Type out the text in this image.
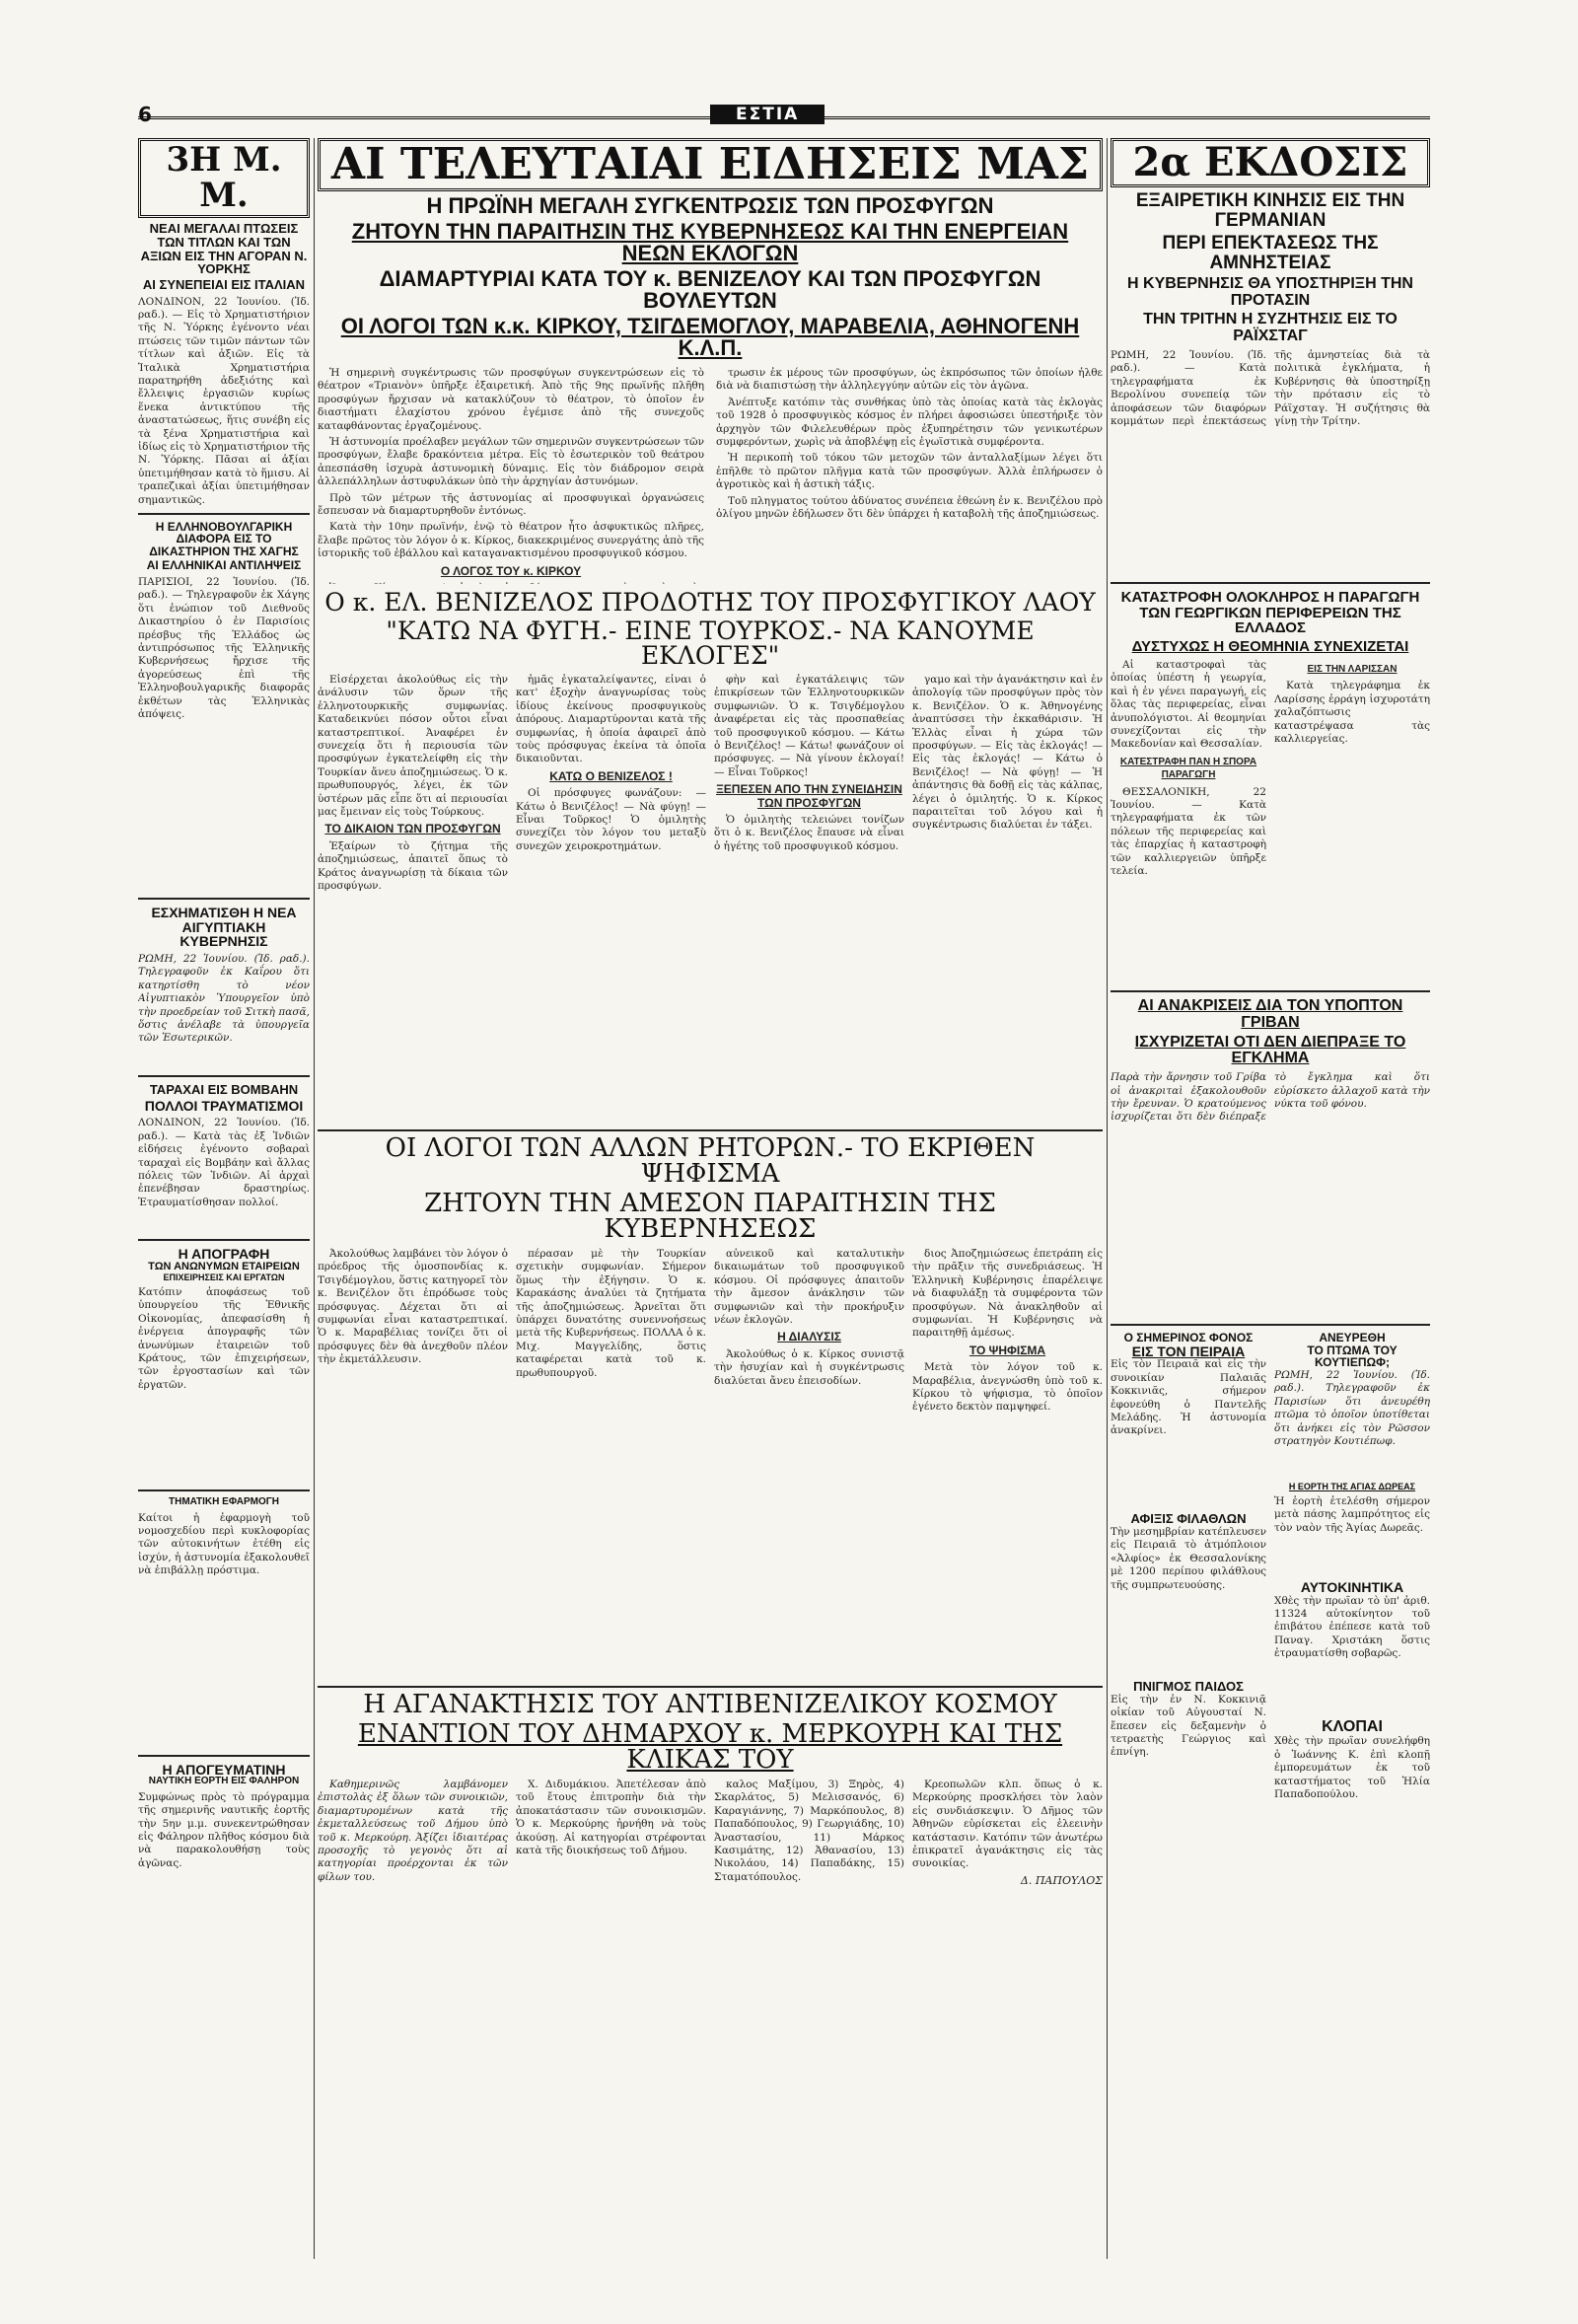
6	ΕΣΤΙΑ
3Η Μ. Μ.
ΝΕΑΙ ΜΕΓΑΛΑΙ ΠΤΩΣΕΙΣ ΤΩΝ ΤΙΤΛΩΝ ΚΑΙ ΤΩΝ ΑΞΙΩΝ ΕΙΣ ΤΗΝ ΑΓΟΡΑΝ Ν. ΥΟΡΚΗΣ
ΑΙ ΣΥΝΕΠΕΙΑΙ ΕΙΣ ΙΤΑΛΙΑΝ
ΛΟΝΔΙΝΟΝ, 22 Ἰουνίου. (Ἰδ. ραδ.). — Εἰς τὸ Χρηματιστήριον τῆς Ν. Ὑόρκης ἐγένοντο νέαι πτώσεις τῶν τιμῶν πάντων τῶν τίτλων καὶ ἀξιῶν. Εἰς τὰ Ἰταλικὰ Χρηματιστήρια παρατηρήθη ἀδεξιότης καὶ ἔλλειψις ἐργασιῶν κυρίως ἕνεκα ἀντικτύπου τῆς ἀναστατώσεως, ἥτις συνέβη εἰς τὰ ξένα Χρηματιστήρια καὶ ἰδίως εἰς τὸ Χρηματιστήριον τῆς Ν. Ὑόρκης. Πᾶσαι αἱ ἀξίαι ὑπετιμήθησαν κατὰ τὸ ἥμισυ. Αἱ τραπεζικαὶ ἀξίαι ὑπετιμήθησαν σημαντικῶς.
Η ΕΛΛΗΝΟΒΟΥΛΓΑΡΙΚΗ ΔΙΑΦΟΡΑ ΕΙΣ ΤΟ ΔΙΚΑΣΤΗΡΙΟΝ ΤΗΣ ΧΑΓΗΣ
ΑΙ ΕΛΛΗΝΙΚΑΙ ΑΝΤΙΛΗΨΕΙΣ
ΠΑΡΙΣΙΟΙ, 22 Ἰουνίου. (Ἰδ. ραδ.). — Τηλεγραφοῦν ἐκ Χάγης ὅτι ἐνώπιον τοῦ Διεθνοῦς Δικαστηρίου ὁ ἐν Παρισίοις πρέσβυς τῆς Ἑλλάδος ὡς ἀντιπρόσωπος τῆς Ἑλληνικῆς Κυβερνήσεως ἤρχισε τῆς ἀγορεύσεως ἐπὶ τῆς Ἑλληνοβουλγαρικῆς διαφορᾶς ἐκθέτων τὰς Ἑλληνικὰς ἀπόψεις.
ΕΣΧΗΜΑΤΙΣΘΗ Η ΝΕΑ ΑΙΓΥΠΤΙΑΚΗ ΚΥΒΕΡΝΗΣΙΣ
ΡΩΜΗ, 22 Ἰουνίου. (Ἰδ. ραδ.). Τηλεγραφοῦν ἐκ Καΐρου ὅτι κατηρτίσθη τὸ νέον Αἰγυπτιακὸν Ὑπουργεῖον ὑπὸ τὴν προεδρείαν τοῦ Σιτκὴ πασᾶ, ὅστις ἀνέλαβε τὰ ὑπουργεῖα τῶν Ἐσωτερικῶν.
ΤΑΡΑΧΑΙ ΕΙΣ ΒΟΜΒΑΗΝ
ΠΟΛΛΟΙ ΤΡΑΥΜΑΤΙΣΜΟΙ
ΛΟΝΔΙΝΟΝ, 22 Ἰουνίου. (Ἰδ. ραδ.). — Κατὰ τὰς ἐξ Ἰνδιῶν εἰδήσεις ἐγένοντο σοβαραὶ ταραχαὶ εἰς Βομβάην καὶ ἄλλας πόλεις τῶν Ἰνδιῶν. Αἱ ἀρχαὶ ἐπενέβησαν δραστηρίως. Ἐτραυματίσθησαν πολλοί.
Η ΑΠΟΓΡΑΦΗ
ΤΩΝ ΑΝΩΝΥΜΩΝ ΕΤΑΙΡΕΙΩΝ
ΕΠΙΧΕΙΡΗΣΕΙΣ ΚΑΙ ΕΡΓΑΤΩΝ
Κατόπιν ἀποφάσεως τοῦ ὑπουργείου τῆς Ἐθνικῆς Οἰκονομίας, ἀπεφασίσθη ἡ ἐνέργεια ἀπογραφῆς τῶν ἀνωνύμων ἑταιρειῶν τοῦ Κράτους, τῶν ἐπιχειρήσεων, τῶν ἐργοστασίων καὶ τῶν ἐργατῶν.
ΤΗΜΑΤΙΚΗ ΕΦΑΡΜΟΓΗ
Καίτοι ἡ ἐφαρμογὴ τοῦ νομοσχεδίου περὶ κυκλοφορίας τῶν αὐτοκινήτων ἐτέθη εἰς ἰσχύν, ἡ ἀστυνομία ἐξακολουθεῖ νὰ ἐπιβάλλῃ πρόστιμα.
Η ΑΠΟΓΕΥΜΑΤΙΝΗ
ΝΑΥΤΙΚΗ ΕΟΡΤΗ ΕΙΣ ΦΑΛΗΡΟΝ
Συμφώνως πρὸς τὸ πρόγραμμα τῆς σημερινῆς ναυτικῆς ἑορτῆς τὴν 5ην μ.μ. συνεκεντρώθησαν εἰς Φάληρον πλῆθος κόσμου διὰ νὰ παρακολουθήσῃ τοὺς ἀγῶνας.
ΑΙ ΤΕΛΕΥΤΑΙΑΙ ΕΙΔΗΣΕΙΣ ΜΑΣ
Η ΠΡΩΪΝΗ ΜΕΓΑΛΗ ΣΥΓΚΕΝΤΡΩΣΙΣ ΤΩΝ ΠΡΟΣΦΥΓΩΝ
ΖΗΤΟΥΝ ΤΗΝ ΠΑΡΑΙΤΗΣΙΝ ΤΗΣ ΚΥΒΕΡΝΗΣΕΩΣ ΚΑΙ ΤΗΝ ΕΝΕΡΓΕΙΑΝ ΝΕΩΝ ΕΚΛΟΓΩΝ
ΔΙΑΜΑΡΤΥΡΙΑΙ ΚΑΤΑ ΤΟΥ κ. ΒΕΝΙΖΕΛΟΥ ΚΑΙ ΤΩΝ ΠΡΟΣΦΥΓΩΝ ΒΟΥΛΕΥΤΩΝ
ΟΙ ΛΟΓΟΙ ΤΩΝ κ.κ. ΚΙΡΚΟΥ, ΤΣΙΓΔΕΜΟΓΛΟΥ, ΜΑΡΑΒΕΛΙΑ, ΑΘΗΝΟΓΕΝΗ Κ.Λ.Π.

Ἡ σημερινὴ συγκέντρωσις τῶν προσφύγων συγκεντρώσεων εἰς τὸ θέατρον «Τριανὸν» ὑπῆρξε ἐξαιρετική. Ἀπὸ τῆς 9ης πρωϊνῆς πλῆθη προσφύγων ἤρχισαν νὰ κατακλύζουν τὸ θέατρον, τὸ ὁποῖον ἐν διαστήματι ἐλαχίστου χρόνου ἐγέμισε ἀπὸ τῆς συνεχοῦς καταφθάνοντας ἐργαζομένους.

Ἡ ἀστυνομία προέλαβεν μεγάλων τῶν σημερινῶν συγκεντρώσεων τῶν προσφύγων, ἔλαβε δρακόντεια μέτρα. Εἰς τὸ ἐσωτερικὸν τοῦ θεάτρου ἀπεσπάσθη ἰσχυρὰ ἀστυνομικὴ δύναμις. Εἰς τὸν διάδρομον σειρὰ ἀλλεπάλληλων ἀστυφυλάκων ὑπὸ τὴν ἀρχηγίαν ἀστυνόμων.

Πρὸ τῶν μέτρων τῆς ἀστυνομίας αἱ προσφυγικαὶ ὀργανώσεις ἔσπευσαν νὰ διαμαρτυρηθοῦν ἐντόνως.

Κατὰ τὴν 10ην πρωϊνήν, ἐνῷ τὸ θέατρον ἦτο ἀσφυκτικῶς πλῆρες, ἔλαβε πρῶτος τὸν λόγον ὁ κ. Κίρκος, διακεκριμένος συνεργάτης ἀπὸ τῆς ἱστορικῆς τοῦ ἐβάλλου καὶ καταγανακτισμένου προσφυγικοῦ κόσμου.

Ο ΛΟΓΟΣ ΤΟΥ κ. ΚΙΡΚΟΥ

τρωσιν ἐκ μέρους τῶν προσφύγων, ὡς ἐκπρόσωπος τῶν ὁποίων ἦλθε διὰ νὰ διαπιστώσῃ τὴν ἀλληλεγγύην αὐτῶν εἰς τὸν ἀγῶνα.

Ἀνέπτυξε κατόπιν τὰς συνθήκας ὑπὸ τὰς ὁποίας κατὰ τὰς ἐκλογὰς τοῦ 1928 ὁ προσφυγικὸς κόσμος ἐν πλήρει ἀφοσιώσει ὑπεστήριξε τὸν ἀρχηγὸν τῶν Φιλελευθέρων πρὸς ἐξυπηρέτησιν τῶν γενικωτέρων συμφερόντων, χωρὶς νὰ ἀποβλέψῃ εἰς ἐγωϊστικὰ συμφέροντα.

Ἡ περικοπὴ τοῦ τόκου τῶν μετοχῶν τῶν ἀνταλλαξίμων λέγει ὅτι ἐπῆλθε τὸ πρῶτον πλῆγμα κατὰ τῶν προσφύγων. Ἀλλὰ ἐπλήρωσεν ὁ ἀγροτικὸς καὶ ἡ ἀστικὴ τάξις.

Τοῦ πληγματος τούτου ἀδύνατος συνέπεια ἐθεώνη ἐν κ. Βενιζέλου πρὸ ὀλίγου μηνῶν ἐδήλωσεν ὅτι δὲν ὑπάρχει ἡ καταβολὴ τῆς ἀποζημιώσεως.

Ο κ. ΕΛ. ΒΕΝΙΖΕΛΟΣ ΠΡΟΔΟΤΗΣ ΤΟΥ ΠΡΟΣΦΥΓΙΚΟΥ ΛΑΟΥ
"ΚΑΤΩ ΝΑ ΦΥΓΗ.- ΕΙΝΕ ΤΟΥΡΚΟΣ.- ΝΑ ΚΑΝΟΥΜΕ ΕΚΛΟΓΕΣ"

Εἰσέρχεται ἀκολούθως εἰς τὴν ἀνάλυσιν τῶν ὅρων τῆς ἑλληνοτουρκικῆς συμφωνίας. Καταδεικνύει πόσον οὗτοι εἶναι καταστρεπτικοί. Ἀναφέρει ἐν συνεχείᾳ ὅτι ἡ περιουσία τῶν προσφύγων ἐγκατελείφθη εἰς τὴν Τουρκίαν ἄνευ ἀποζημιώσεως. Ὁ κ. πρωθυπουργός, λέγει, ἐκ τῶν ὑστέρων μᾶς εἶπε ὅτι αἱ περιουσίαι μας ἔμειναν εἰς τοὺς Τούρκους.

ΤΟ ΔΙΚΑΙΟΝ ΤΩΝ ΠΡΟΣΦΥΓΩΝ

Ἐξαίρων τὸ ζήτημα τῆς ἀποζημιώσεως, ἀπαιτεῖ ὅπως τὸ Κράτος ἀναγνωρίσῃ τὰ δίκαια τῶν προσφύγων.

ἡμᾶς ἐγκαταλείψαντες, εἶναι ὁ κατ' ἐξοχὴν ἀναγνωρίσας τοὺς ἰδίους ἐκείνους προσφυγικοὺς ἀπόρους. Διαμαρτύρονται κατὰ τῆς συμφωνίας, ἡ ὁποία ἀφαιρεῖ ἀπὸ τοὺς πρόσφυγας ἐκείνα τὰ ὁποῖα δικαιοῦνται.

ΚΑΤΩ Ο ΒΕΝΙΖΕΛΟΣ !

Οἱ πρόσφυγες φωνάζουν: — Κάτω ὁ Βενιζέλος! — Νὰ φύγῃ! — Εἶναι Τοῦρκος! Ὁ ὁμιλητὴς συνεχίζει τὸν λόγον του μεταξὺ συνεχῶν χειροκροτημάτων.

φὴν καὶ ἐγκατάλειψις τῶν ἐπικρίσεων τῶν Ἑλληνοτουρκικῶν συμφωνιῶν. Ὁ κ. Τσιγδέμογλου ἀναφέρεται εἰς τὰς προσπαθείας τοῦ προσφυγικοῦ κόσμου. — Κάτω ὁ Βενιζέλος! — Κάτω! φωνάζουν οἱ πρόσφυγες. — Νὰ γίνουν ἐκλογαί! — Εἶναι Τοῦρκος!

ΞΕΠΕΣΕΝ ΑΠΟ ΤΗΝ ΣΥΝΕΙΔΗΣΙΝ ΤΩΝ ΠΡΟΣΦΥΓΩΝ

Ὁ ὁμιλητὴς τελειώνει τονίζων ὅτι ὁ κ. Βενιζέλος ἔπαυσε νὰ εἶναι ὁ ἡγέτης τοῦ προσφυγικοῦ κόσμου.

γαμο καὶ τὴν ἀγανάκτησιν καὶ ἐν ἀπολογίᾳ τῶν προσφύγων πρὸς τὸν κ. Βενιζέλον. Ὁ κ. Ἀθηνογένης ἀναπτύσσει τὴν ἐκκαθάρισιν. Ἡ Ἑλλὰς εἶναι ἡ χώρα τῶν προσφύγων. — Εἰς τὰς ἐκλογάς! — Εἰς τὰς ἐκλογάς! — Κάτω ὁ Βενιζέλος! — Νὰ φύγῃ! — Ἡ ἀπάντησις θὰ δοθῇ εἰς τὰς κάλπας, λέγει ὁ ὁμιλητής. Ὁ κ. Κίρκος παραιτεῖται τοῦ λόγου καὶ ἡ συγκέντρωσις διαλύεται ἐν τάξει.

ΟΙ ΛΟΓΟΙ ΤΩΝ ΑΛΛΩΝ ΡΗΤΟΡΩΝ.- ΤΟ ΕΚΡΙΘΕΝ ΨΗΦΙΣΜΑ
ΖΗΤΟΥΝ ΤΗΝ ΑΜΕΣΟΝ ΠΑΡΑΙΤΗΣΙΝ ΤΗΣ ΚΥΒΕΡΝΗΣΕΩΣ

Ἀκολούθως λαμβάνει τὸν λόγον ὁ πρόεδρος τῆς ὁμοσπονδίας κ. Τσιγδέμογλου, ὅστις κατηγορεῖ τὸν κ. Βενιζέλον ὅτι ἐπρόδωσε τοὺς πρόσφυγας. Δέχεται ὅτι αἱ συμφωνίαι εἶναι καταστρεπτικαί. Ὁ κ. Μαραβέλιας τονίζει ὅτι οἱ πρόσφυγες δὲν θὰ ἀνεχθοῦν πλέον τὴν ἐκμετάλλευσιν.

πέρασαν μὲ τὴν Τουρκίαν σχετικὴν συμφωνίαν. Σήμερον ὅμως τὴν ἐξήγησιν. Ὁ κ. Καρακάσης ἀναλύει τὰ ζητήματα τῆς ἀποζημιώσεως. Ἀρνεῖται ὅτι ὑπάρχει δυνατότης συνεννοήσεως μετὰ τῆς Κυβερνήσεως. ΠΟΛΛΑ ὁ κ. Μιχ. Μαγγελίδης, ὅστις καταφέρεται κατὰ τοῦ κ. πρωθυπουργοῦ.

αὐνεικοῦ καὶ καταλυτικὴν δικαιωμάτων τοῦ προσφυγικοῦ κόσμου. Οἱ πρόσφυγες ἀπαιτοῦν τὴν ἄμεσον ἀνάκλησιν τῶν συμφωνιῶν καὶ τὴν προκήρυξιν νέων ἐκλογῶν.

Η ΔΙΑΛΥΣΙΣ

Ἀκολούθως ὁ κ. Κίρκος συνιστᾷ τὴν ἡσυχίαν καὶ ἡ συγκέντρωσις διαλύεται ἄνευ ἐπεισοδίων.

διος Ἀποζημιώσεως ἐπετράπη εἰς τὴν πρᾶξιν τῆς συνεδριάσεως. Ἡ Ἑλληνικὴ Κυβέρνησις ἐπαρέλειψε νὰ διαφυλάξῃ τὰ συμφέροντα τῶν προσφύγων. Νὰ ἀνακληθοῦν αἱ συμφωνίαι. Ἡ Κυβέρνησις νὰ παραιτηθῇ ἀμέσως.

ΤΟ ΨΗΦΙΣΜΑ

Μετὰ τὸν λόγον τοῦ κ. Μαραβέλια, ἀνεγνώσθη ὑπὸ τοῦ κ. Κίρκου τὸ ψήφισμα, τὸ ὁποῖον ἐγένετο δεκτὸν παμψηφεί.

Η ΑΓΑΝΑΚΤΗΣΙΣ ΤΟΥ ΑΝΤΙΒΕΝΙΖΕΛΙΚΟΥ ΚΟΣΜΟΥ
ΕΝΑΝΤΙΟΝ ΤΟΥ ΔΗΜΑΡΧΟΥ κ. ΜΕΡΚΟΥΡΗ ΚΑΙ ΤΗΣ ΚΛΙΚΑΣ ΤΟΥ

Καθημερινῶς λαμβάνομεν ἐπιστολὰς ἐξ ὅλων τῶν συνοικιῶν, διαμαρτυρομένων κατὰ τῆς ἐκμεταλλεύσεως τοῦ Δήμου ὑπὸ τοῦ κ. Μερκούρη. Ἀξίζει ἰδιαιτέρας προσοχῆς τὸ γεγονὸς ὅτι αἱ κατηγορίαι προέρχονται ἐκ τῶν φίλων του.

Χ. Διδυμάκιου. Ἀπετέλεσαν ἀπὸ τοῦ ἔτους ἐπιτροπὴν διὰ τὴν ἀποκατάστασιν τῶν συνοικισμῶν. Ὁ κ. Μερκούρης ἠρνήθη νὰ τοὺς ἀκούσῃ. Αἱ κατηγορίαι στρέφονται κατὰ τῆς διοικήσεως τοῦ Δήμου.

καλος Μαξίμου, 3) Ξηρὸς, 4) Σκαρλάτος, 5) Μελισσανός, 6) Καραγιάννης, 7) Μαρκόπουλος, 8) Παπαδόπουλος, 9) Γεωργιάδης, 10) Ἀναστασίου, 11) Μάρκος Κασιμάτης, 12) Ἀθανασίου, 13) Νικολάου, 14) Παπαδάκης, 15) Σταματόπουλος.

Κρεοπωλῶν κλπ. ὅπως ὁ κ. Μερκούρης προσκλήσει τὸν λαὸν εἰς συνδιάσκεψιν. Ὁ Δῆμος τῶν Ἀθηνῶν εὑρίσκεται εἰς ἐλεεινὴν κατάστασιν. Κατόπιν τῶν ἀνωτέρω ἐπικρατεῖ ἀγανάκτησις εἰς τὰς συνοικίας.

Δ. ΠΑΠΟΥΛΟΣ
2α ΕΚΔΟΣΙΣ
ΕΞΑΙΡΕΤΙΚΗ ΚΙΝΗΣΙΣ ΕΙΣ ΤΗΝ ΓΕΡΜΑΝΙΑΝ
ΠΕΡΙ ΕΠΕΚΤΑΣΕΩΣ ΤΗΣ ΑΜΝΗΣΤΕΙΑΣ
Η ΚΥΒΕΡΝΗΣΙΣ ΘΑ ΥΠΟΣΤΗΡΙΞΗ ΤΗΝ ΠΡΟΤΑΣΙΝ
ΤΗΝ ΤΡΙΤΗΝ Η ΣΥΖΗΤΗΣΙΣ ΕΙΣ ΤΟ ΡΑΪΧΣΤΑΓ
ΡΩΜΗ, 22 Ἰουνίου. (Ἰδ. ραδ.). — Κατὰ τηλεγραφήματα ἐκ Βερολίνου συνεπείᾳ τῶν ἀποφάσεων τῶν διαφόρων κομμάτων περὶ ἐπεκτάσεως τῆς ἀμνηστείας διὰ τὰ πολιτικὰ ἐγκλήματα, ἡ Κυβέρνησις θὰ ὑποστηρίξῃ τὴν πρότασιν εἰς τὸ Ράϊχσταγ. Ἡ συζήτησις θὰ γίνῃ τὴν Τρίτην.
ΚΑΤΑΣΤΡΟΦΗ ΟΛΟΚΛΗΡΟΣ Η ΠΑΡΑΓΩΓΗ ΤΩΝ ΓΕΩΡΓΙΚΩΝ ΠΕΡΙΦΕΡΕΙΩΝ ΤΗΣ ΕΛΛΑΔΟΣ
ΔΥΣΤΥΧΩΣ Η ΘΕΟΜΗΝΙΑ ΣΥΝΕΧΙΖΕΤΑΙ

Αἱ καταστροφαὶ τὰς ὁποίας ὑπέστη ἡ γεωργία, καὶ ἡ ἐν γένει παραγωγή, εἰς ὅλας τὰς περιφερείας, εἶναι ἀνυπολόγιστοι. Αἱ θεομηνίαι συνεχίζονται εἰς τὴν Μακεδονίαν καὶ Θεσσαλίαν.

ΚΑΤΕΣΤΡΑΦΗ ΠΑΝ Η ΣΠΟΡΑ ΠΑΡΑΓΩΓΗ

ΘΕΣΣΑΛΟΝΙΚΗ, 22 Ἰουνίου. — Κατὰ τηλεγραφήματα ἐκ τῶν πόλεων τῆς περιφερείας καὶ τὰς ἐπαρχίας ἡ καταστροφὴ τῶν καλλιεργειῶν ὑπῆρξε τελεία.

ΕΙΣ ΤΗΝ ΛΑΡΙΣΣΑΝ

Κατὰ τηλεγράφημα ἐκ Λαρίσσης ἐρράγη ἰσχυροτάτη χαλαζόπτωσις καταστρέψασα τὰς καλλιεργείας.

ΑΙ ΑΝΑΚΡΙΣΕΙΣ ΔΙΑ ΤΟΝ ΥΠΟΠΤΟΝ ΓΡΙΒΑΝ
ΙΣΧΥΡΙΖΕΤΑΙ ΟΤΙ ΔΕΝ ΔΙΕΠΡΑΞΕ ΤΟ ΕΓΚΛΗΜΑ
Παρὰ τὴν ἄρνησιν τοῦ Γρίβα οἱ ἀνακριταὶ ἐξακολουθοῦν τὴν ἔρευναν. Ὁ κρατούμενος ἰσχυρίζεται ὅτι δὲν διέπραξε τὸ ἔγκλημα καὶ ὅτι εὑρίσκετο ἀλλαχοῦ κατὰ τὴν νύκτα τοῦ φόνου.
Ο ΣΗΜΕΡΙΝΟΣ ΦΟΝΟΣ
ΕΙΣ ΤΟΝ ΠΕΙΡΑΙΑ
Εἰς τὸν Πειραιᾶ καὶ εἰς τὴν συνοικίαν Παλαιᾶς Κοκκινιᾶς, σήμερον ἐφονεύθη ὁ Παντελῆς Μελάδης. Ἡ ἀστυνομία ἀνακρίνει.
ΑΦΙΞΙΣ ΦΙΛΑΘΛΩΝ
Τὴν μεσημβρίαν κατέπλευσεν εἰς Πειραιᾶ τὸ ἀτμόπλοιον «Ἀλφίος» ἐκ Θεσσαλονίκης μὲ 1200 περίπου φιλάθλους τῆς συμπρωτευούσης.
ΠΝΙΓΜΟΣ ΠΑΙΔΟΣ
Εἰς τὴν ἐν Ν. Κοκκινιᾷ οἰκίαν τοῦ Αὐγουσταί Ν. ἔπεσεν εἰς δεξαμενὴν ὁ τετραετὴς Γεώργιος καὶ ἐπνίγη.
ΑΝΕΥΡΕΘΗ
ΤΟ ΠΤΩΜΑ ΤΟΥ ΚΟΥΤΙΕΠΩΦ;
ΡΩΜΗ, 22 Ἰουνίου. (Ἰδ. ραδ.). Τηλεγραφοῦν ἐκ Παρισίων ὅτι ἀνευρέθη πτῶμα τὸ ὁποῖον ὑποτίθεται ὅτι ἀνήκει εἰς τὸν Ρῶσσον στρατηγὸν Κουτιέπωφ.
Η ΕΟΡΤΗ ΤΗΣ ΑΓΙΑΣ ΔΩΡΕΑΣ
Ἡ ἑορτὴ ἐτελέσθη σήμερον μετὰ πάσης λαμπρότητος εἰς τὸν ναὸν τῆς Ἁγίας Δωρεᾶς.
ΑΥΤΟΚΙΝΗΤΙΚΑ
Χθὲς τὴν πρωΐαν τὸ ὑπ' ἀριθ. 11324 αὐτοκίνητον τοῦ ἐπιβάτου ἐπέπεσε κατὰ τοῦ Παναγ. Χριστάκη ὅστις ἐτραυματίσθη σοβαρῶς.
ΚΛΟΠΑΙ
Χθὲς τὴν πρωΐαν συνελήφθη ὁ Ἰωάννης Κ. ἐπὶ κλοπῇ ἐμπορευμάτων ἐκ τοῦ καταστήματος τοῦ Ἠλία Παπαδοπούλου.
